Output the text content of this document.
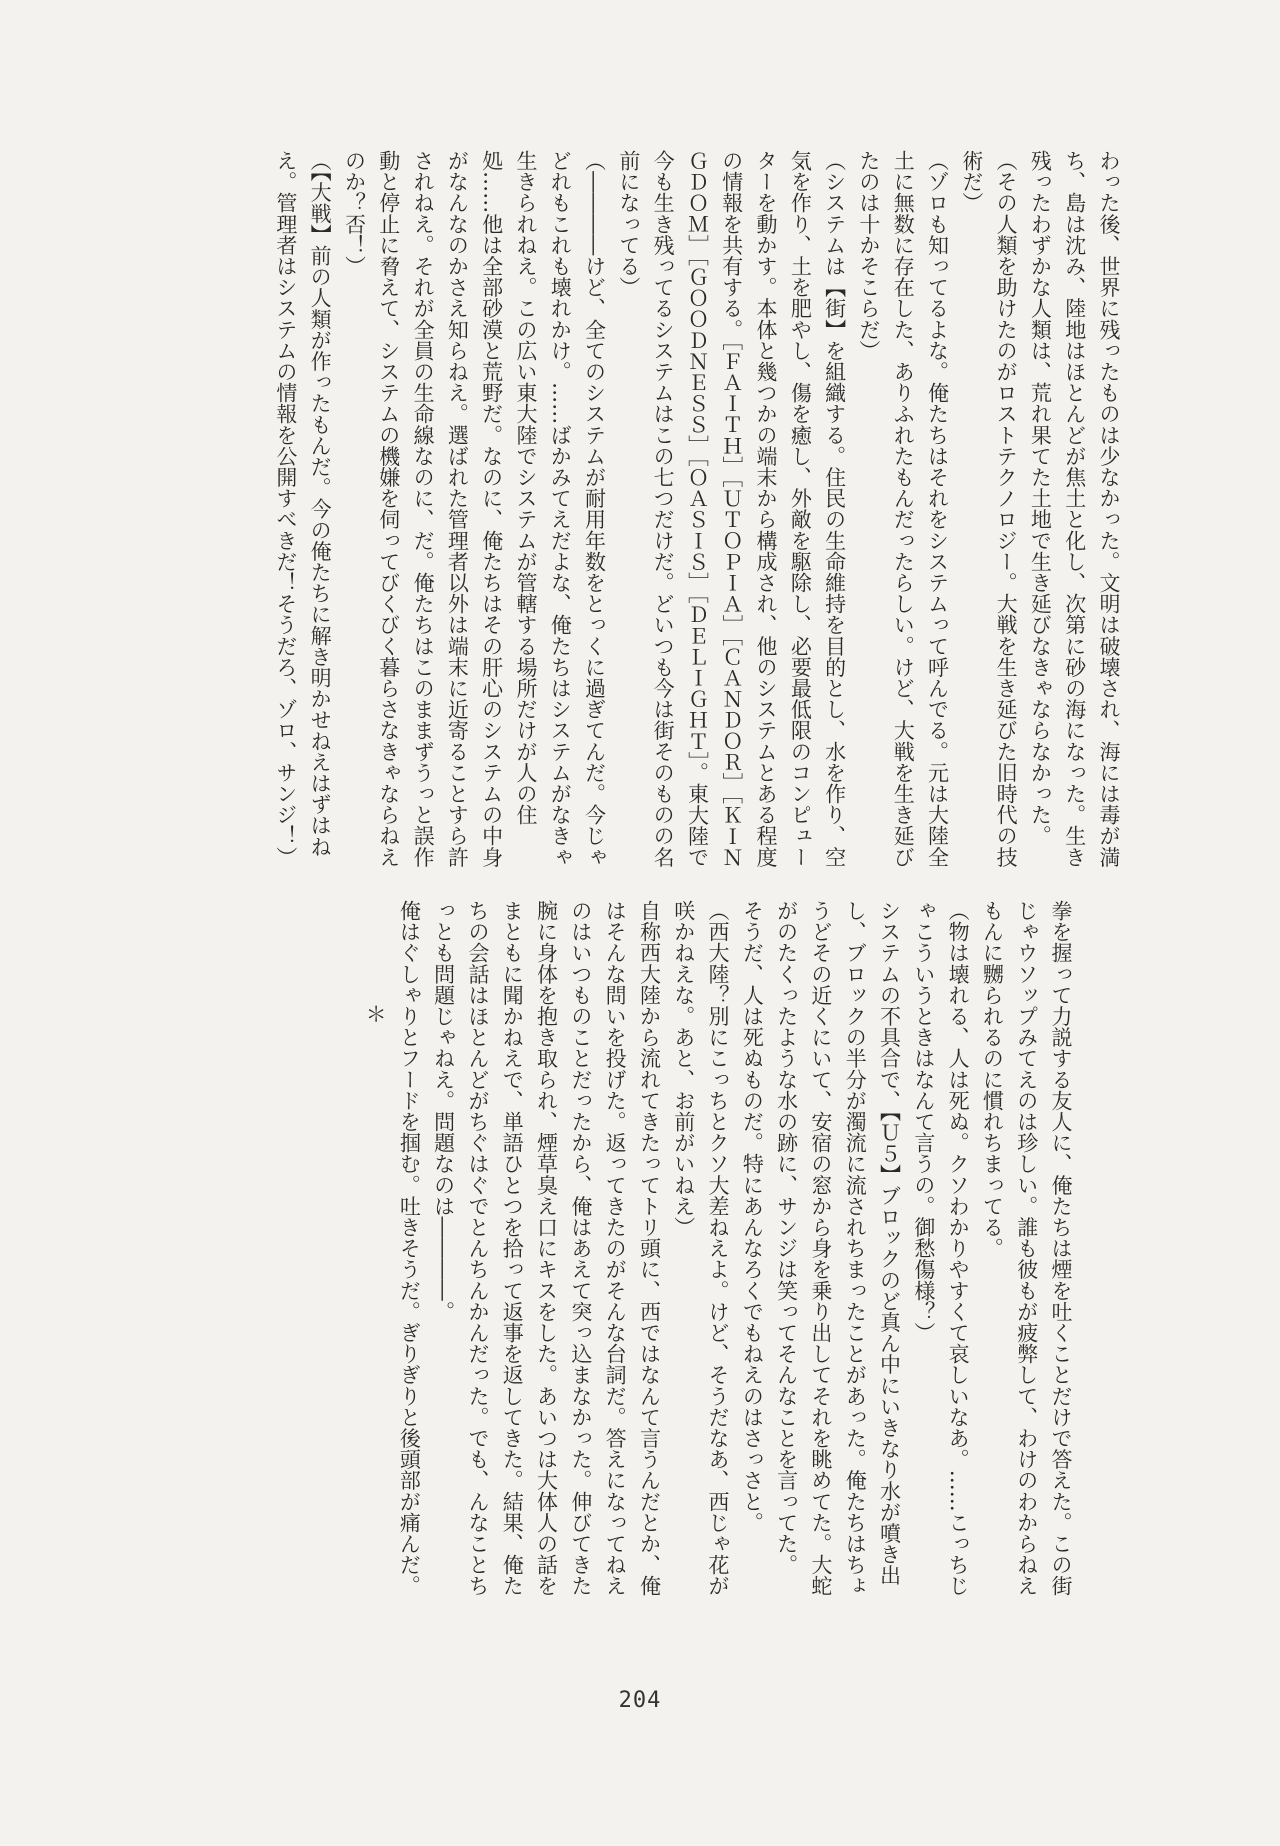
わった後、世界に残ったものは少なかった。文明は破壊され、海には毒が満ち、島は沈み、陸地はほとんどが焦土と化し、次第に砂の海になった。生き残ったわずかな人類は、荒れ果てた土地で生き延びなきゃならなかった。

（その人類を助けたのがロストテクノロジー。大戦を生き延びた旧時代の技術だ）

（ゾロも知ってるよな。俺たちはそれをシステムって呼んでる。元は大陸全土に無数に存在した、ありふれたもんだったらしい。けど、大戦を生き延びたのは十かそこらだ）

（システムは【街】を組織する。住民の生命維持を目的とし、水を作り、空気を作り、土を肥やし、傷を癒し、外敵を駆除し、必要最低限のコンピューターを動かす。本体と幾つかの端末から構成され、他のシステムとある程度の情報を共有する。［ＦＡＩＴＨ］［ＵＴＯＰＩＡ］［ＣＡＮＤＯＲ］［ＫＩＮＧＤＯＭ］［ＧＯＯＤＮＥＳＳ］［ＯＡＳＩＳ］［ＤＥＬＩＧＨＴ］。東大陸で今も生き残ってるシステムはこの七つだけだ。どいつも今は街そのものの名前になってる）

（――――けど、全てのシステムが耐用年数をとっくに過ぎてんだ。今じゃどれもこれも壊れかけ。……ばかみてえだよな、俺たちはシステムがなきゃ生きられねえ。この広い東大陸でシステムが管轄する場所だけが人の住処……他は全部砂漠と荒野だ。なのに、俺たちはその肝心のシステムの中身がなんなのかさえ知らねえ。選ばれた管理者以外は端末に近寄ることすら許されねえ。それが全員の生命線なのに、だ。俺たちはこのままずうっと誤作動と停止に脅えて、システムの機嫌を伺ってびくびく暮らさなきゃならねえのか？否！）

（【大戦】前の人類が作ったもんだ。今の俺たちに解き明かせねえはずはねえ。管理者はシステムの情報を公開すべきだ！そうだろ、ゾロ、サンジ！）

拳を握って力説する友人に、俺たちは煙を吐くことだけで答えた。この街じゃウソップみてえのは珍しい。誰も彼もが疲弊して、わけのわからねえもんに嬲られるのに慣れちまってる。

（物は壊れる、人は死ぬ。クソわかりやすくて哀しいなあ。……こっちじゃこういうときはなんて言うの。御愁傷様？）

システムの不具合で、【Ｕ５】ブロックのど真ん中にいきなり水が噴き出し、ブロックの半分が濁流に流されちまったことがあった。俺たちはちょうどその近くにいて、安宿の窓から身を乗り出してそれを眺めてた。大蛇がのたくったような水の跡に、サンジは笑ってそんなことを言ってた。

そうだ、人は死ぬものだ。特にあんなろくでもねえのはさっさと。

（西大陸？別にこっちとクソ大差ねえよ。けど、そうだなあ、西じゃ花が咲かねえな。あと、お前がいねえ）

自称西大陸から流れてきたってトリ頭に、西ではなんて言うんだとか、俺はそんな問いを投げた。返ってきたのがそんな台詞だ。答えになってねえのはいつものことだったから、俺はあえて突っ込まなかった。伸びてきた腕に身体を抱き取られ、煙草臭え口にキスをした。あいつは大体人の話をまともに聞かねえで、単語ひとつを拾って返事を返してきた。結果、俺たちの会話はほとんどがちぐはぐでとんちんかんだった。でも、んなことちっとも問題じゃねえ。問題なのは――――。

俺はぐしゃりとフードを掴む。吐きそうだ。ぎりぎりと後頭部が痛んだ。

＊

204
